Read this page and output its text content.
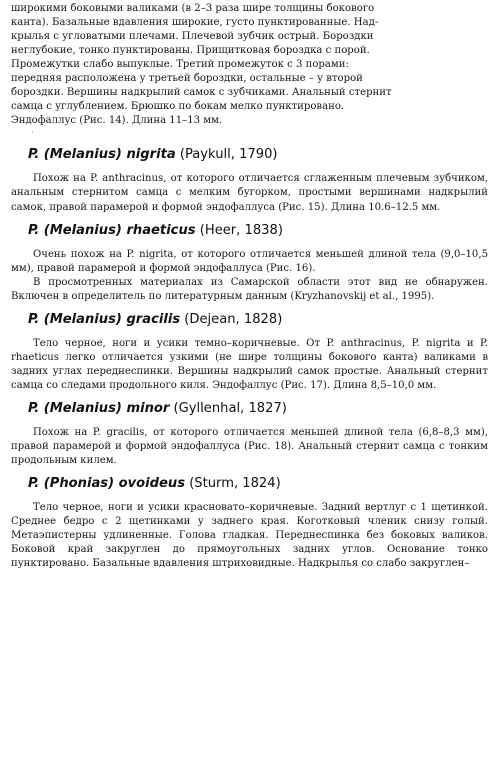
широкими боковыми валиками (в 2–3 раза шире толщины бокового

канта). Базальные вдавления широкие, густо пунктированные. Над-

крылья с угловатыми плечами. Плечевой зубчик острый. Бороздки

неглубокие, тонко пунктированы. Прищитковая бороздка с порой.

Промежутки слабо выпуклые. Третий промежуток с 3 порами:

передняя расположена у третьей бороздки, остальные – у второй

бороздки. Вершины надкрылий самок с зубчиками. Анальный стернит

самца с углублением. Брюшко по бокам мелко пунктировано.

Эндофаллус (Рис. 14). Длина 11–13 мм.

·
P. (Melanius) nigrita (Paykull, 1790)

Похож на P. anthracinus, от которого отличается сглаженным плечевым зубчиком, анальным стернитом самца с мелким бугорком, простыми вершинами надкрылий самок, правой парамерой и формой эндофаллуса (Рис. 15). Длина 10.6–12.5 мм.

P. (Melanius) rhaeticus (Heer, 1838)

Очень похож на P. nigrita, от которого отличается меньшей длиной тела (9,0–10,5 мм), правой парамерой и формой эндофаллуса (Рис. 16).

В просмотренных материалах из Самарской области этот вид не обнаружен. Включен в определитель по литературным данным (Kryzhanovskij et al., 1995).

P. (Melanius) gracilis (Dejean, 1828)

Тело черное, ноги и усики темно–коричневые. От P. anthracinus, P. nigrita и P. rhaeticus легко отличается узкими (не шире толщины бокового канта) валиками в задних углах переднеспинки. Вершины надкрылий самок простые. Анальный стернит самца со следами продольного киля. Эндофаллус (Рис. 17). Длина 8,5–10,0 мм.

P. (Melanius) minor (Gyllenhal, 1827)

Похож на P. gracilis, от которого отличается меньшей длиной тела (6,8–8,3 мм), правой парамерой и формой эндофаллуса (Рис. 18). Анальный стернит самца с тонким продольным килем.

P. (Phonias) ovoideus (Sturm, 1824)

Тело черное, ноги и усики красновато–коричневые. Задний вертлуг с 1 щетинкой. Среднее бедро с 2 щетинками у заднего края. Коготковый членик снизу голый. Метаэпистерны удлиненные. Голова гладкая. Переднеспинка без боковых валиков. Боковой край закруглен до прямоугольных задних углов. Основание тонко пунктировано. Базальные вдавления штриховидные. Надкрылья со слабо закруглен–
